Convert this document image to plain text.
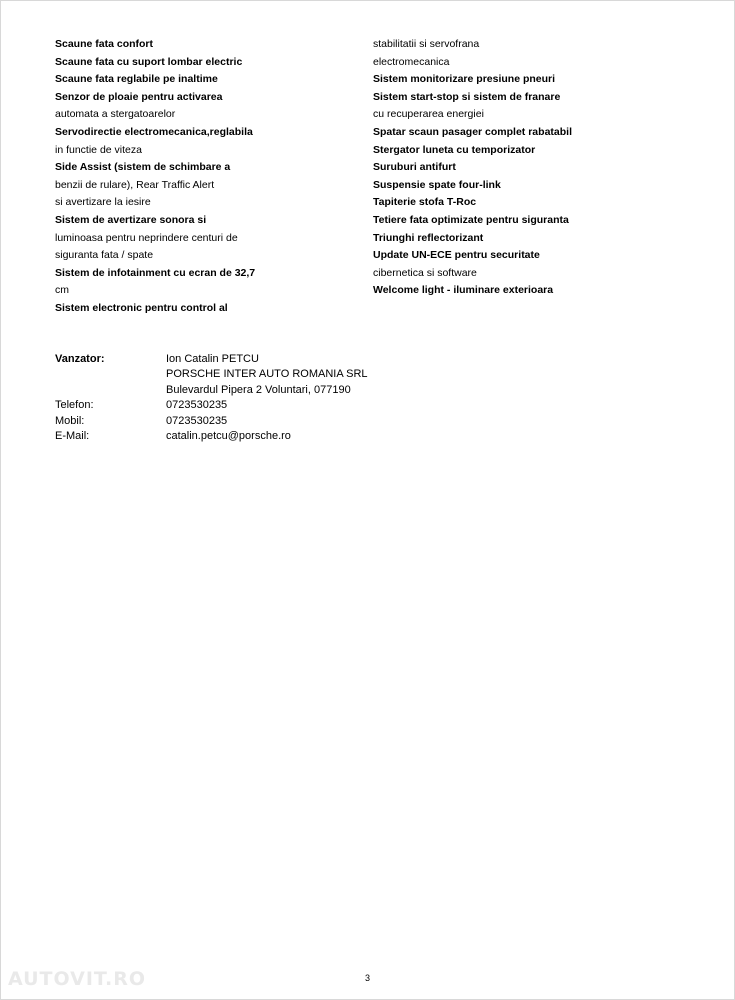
Scaune fata confort
Scaune fata cu suport lombar electric
Scaune fata reglabile pe inaltime
Senzor de ploaie pentru activarea
automata a stergatoarelor
Servodirectie electromecanica,reglabila
in functie de viteza
Side Assist (sistem de schimbare a
benzii de rulare), Rear Traffic Alert
si avertizare la iesire
Sistem de avertizare sonora si
luminoasa pentru neprindere centuri de
siguranta fata / spate
Sistem de infotainment cu ecran de 32,7
cm
Sistem electronic pentru control al
stabilitatii si servofrana
electromecanica
Sistem monitorizare presiune pneuri
Sistem start-stop si sistem de franare
cu recuperarea energiei
Spatar scaun pasager complet rabatabil
Stergator luneta cu temporizator
Suruburi antifurt
Suspensie spate four-link
Tapiterie stofa T-Roc
Tetiere fata optimizate pentru siguranta
Triunghi reflectorizant
Update UN-ECE pentru securitate
cibernetica si software
Welcome light - iluminare exterioara
Vanzator:	Ion Catalin PETCU
PORSCHE INTER AUTO ROMANIA SRL
Bulevardul Pipera 2 Voluntari, 077190
Telefon:	0723530235
Mobil:	0723530235
E-Mail:	catalin.petcu@porsche.ro
AUTOVIT.RO	3
